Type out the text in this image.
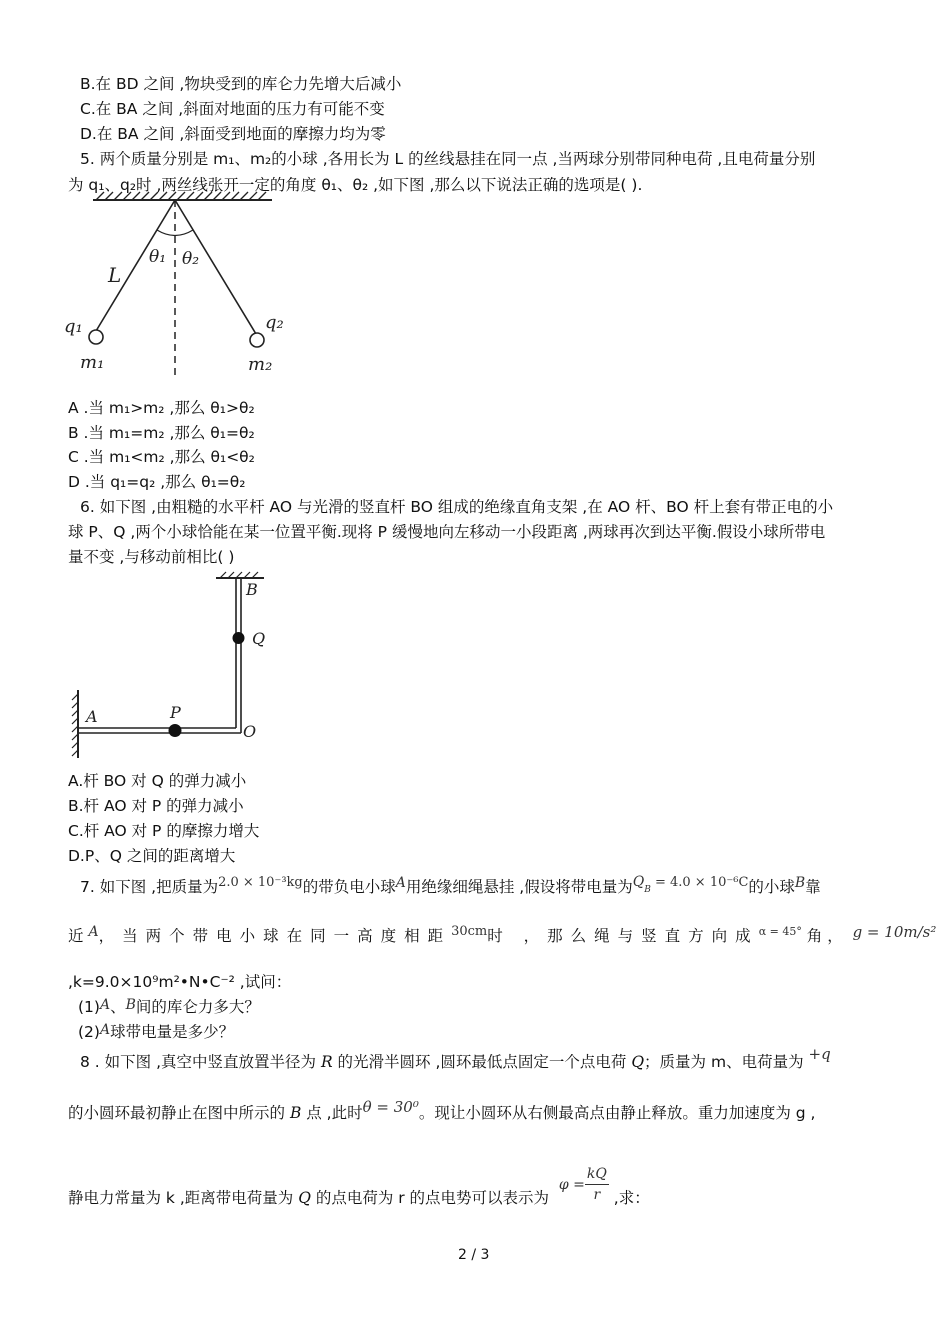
B.在 BD 之间 ,物块受到的库仑力先增大后减小
C.在 BA 之间 ,斜面对地面的压力有可能不变
D.在 BA 之间 ,斜面受到地面的摩擦力均为零
5. 两个质量分别是 m₁、m₂的小球 ,各用长为 L 的丝线悬挂在同一点 ,当两球分别带同种电荷 ,且电荷量分别
为 q₁、q₂时 ,两丝线张开一定的角度 θ₁、θ₂ ,如下图 ,那么以下说法正确的选项是( ).
L
θ₁ θ₂
q₁	q₂
m₁	m₂
A .当 m₁>m₂ ,那么 θ₁>θ₂
B .当 m₁=m₂ ,那么 θ₁=θ₂
C .当 m₁<m₂ ,那么 θ₁<θ₂
D .当 q₁=q₂ ,那么 θ₁=θ₂
6. 如下图 ,由粗糙的水平杆 AO 与光滑的竖直杆 BO 组成的绝缘直角支架 ,在 AO 杆、BO 杆上套有带正电的小
球 P、Q ,两个小球恰能在某一位置平衡.现将 P 缓慢地向左移动一小段距离 ,两球再次到达平衡.假设小球所带电
量不变 ,与移动前相比( )
B
Q
A	P
O
A.杆 BO 对 Q 的弹力减小
B.杆 AO 对 P 的弹力减小
C.杆 AO 对 P 的摩擦力增大
D.P、Q 之间的距离增大
7. 如下图 ,把质量为$^{2.0 \times 10^{-3}kg}$的带负电小球A用绝缘细绳悬挂 ,假设将带电量为$Q_B$ $^{= 4.0 \times 10^{-6}C}$的小球B靠
近 A，当两个带电小球在同一高度相距$^{30cm}$时 ，那么绳与竖直方向成$^{\alpha = 45^\circ}$ 角 ， g = 10m/s²
,k=9.0×10⁹m²•N•C⁻² ,试问：
(1)A、B间的库仑力多大？
(2)A球带电量是多少？
8 . 如下图 ,真空中竖直放置半径为 R 的光滑半圆环 ,圆环最低点固定一个点电荷 Q；质量为 m、电荷量为 +q
的小圆环最初静止在图中所示的 B 点 ,此时θ = 30⁰。现让小圆环从右侧最高点由静止释放。重力加速度为 g ,
静电力常量为 k ,距离带电荷量为 Q 的点电荷为 r 的点电势可以表示为  $\varphi = \frac{kQ}{r}$ ,求：
2 / 3
